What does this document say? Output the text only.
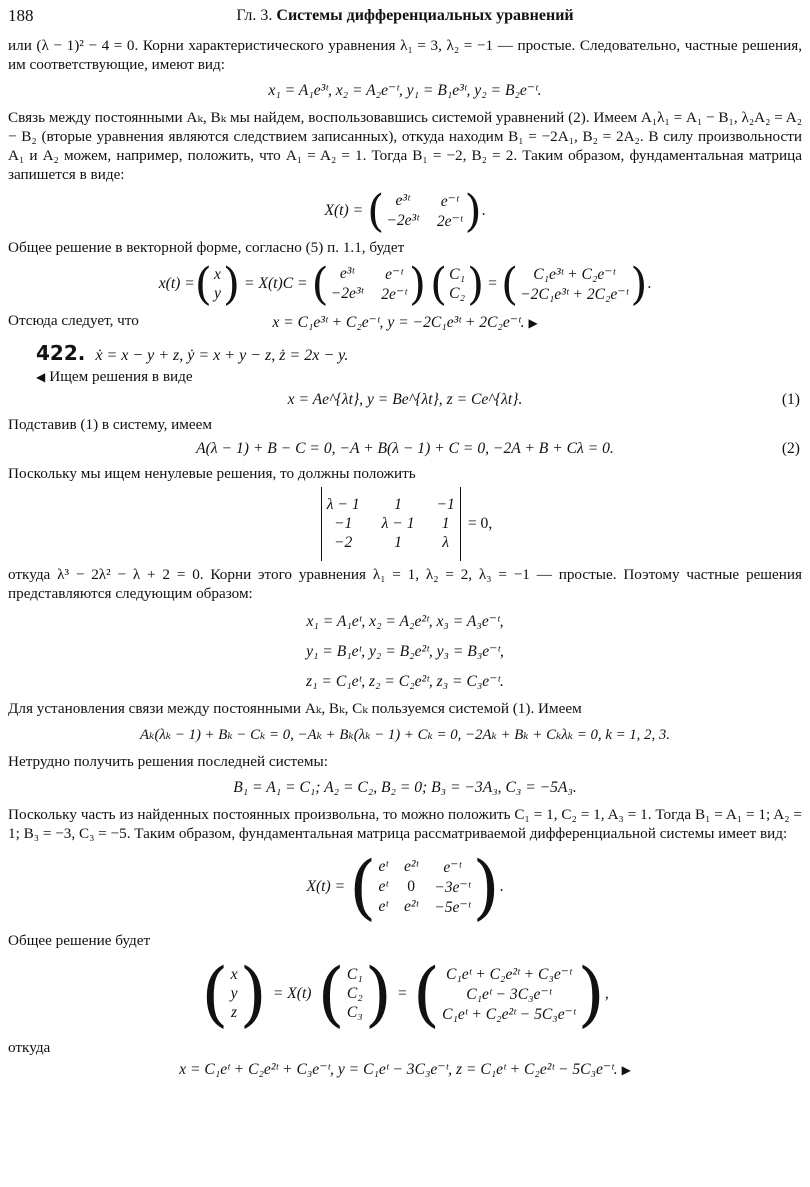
188	Гл. 3. Системы дифференциальных уравнений

или (λ − 1)² − 4 = 0. Корни характеристического уравнения λ₁ = 3, λ₂ = −1 — простые. Следовательно, частные решения, им соответствующие, имеют вид:

x₁ = A₁e³ᵗ, x₂ = A₂e⁻ᵗ, y₁ = B₁e³ᵗ, y₂ = B₂e⁻ᵗ.

Связь между постоянными Aₖ, Bₖ мы найдем, воспользовавшись системой уравнений (2). Имеем A₁λ₁ = A₁ − B₁, λ₂A₂ = A₂ − B₂ (вторые уравнения являются следствием записанных), откуда находим B₁ = −2A₁, B₂ = 2A₂. В силу произвольности A₁ и A₂ можем, например, положить, что A₁ = A₂ = 1. Тогда B₁ = −2, B₂ = 2. Таким образом, фундаментальная матрица запишется в виде:

X(t) = ( e³ᵗ	e⁻ᵗ
−2e³ᵗ 2e⁻ᵗ ) .

Общее решение в векторной форме, согласно (5) п. 1.1, будет

x(t) = ( x
y ) = X(t)C = ( e³ᵗ	e⁻ᵗ
−2e³ᵗ 2e⁻ᵗ ) ( C₁
C₂ ) = ( C₁e³ᵗ + C₂e⁻ᵗ
−2C₁e³ᵗ + 2C₂e⁻ᵗ ) .

Отсюда следует, что	x = C₁e³ᵗ + C₂e⁻ᵗ, y = −2C₁e³ᵗ + 2C₂e⁻ᵗ. ▶

422. ẋ = x − y + z, ẏ = x + y − z, ż = 2x − y.

◀ Ищем решения в виде

x = Ae^{λt}, y = Be^{λt}, z = Ce^{λt}.	(1)

Подставив (1) в систему, имеем

A(λ − 1) + B − C = 0, −A + B(λ − 1) + C = 0, −2A + B + Cλ = 0.	(2)

Поскольку мы ищем ненулевые решения, то должны положить

λ − 1	1	−1
−1	λ − 1	1
−2	1	λ
= 0,

откуда λ³ − 2λ² − λ + 2 = 0. Корни этого уравнения λ₁ = 1, λ₂ = 2, λ₃ = −1 — простые. Поэтому частные решения представляются следующим образом:

x₁ = A₁eᵗ, x₂ = A₂e²ᵗ, x₃ = A₃e⁻ᵗ,

y₁ = B₁eᵗ, y₂ = B₂e²ᵗ, y₃ = B₃e⁻ᵗ,

z₁ = C₁eᵗ, z₂ = C₂e²ᵗ, z₃ = C₃e⁻ᵗ.

Для установления связи между постоянными Aₖ, Bₖ, Cₖ пользуемся системой (1). Имеем

Aₖ(λₖ − 1) + Bₖ − Cₖ = 0, −Aₖ + Bₖ(λₖ − 1) + Cₖ = 0, −2Aₖ + Bₖ + Cₖλₖ = 0, k = 1, 2, 3.

Нетрудно получить решения последней системы:

B₁ = A₁ = C₁; A₂ = C₂, B₂ = 0; B₃ = −3A₃, C₃ = −5A₃.

Поскольку часть из найденных постоянных произвольна, то можно положить C₁ = 1, C₂ = 1, A₃ = 1. Тогда B₁ = A₁ = 1; A₂ = 1; B₃ = −3, C₃ = −5. Таким образом, фундаментальная матрица рассматриваемой дифференциальной системы имеет вид:

X(t) = ( eᵗ e²ᵗ	e⁻ᵗ
eᵗ 0 −3e⁻ᵗ
eᵗ e²ᵗ −5e⁻ᵗ ) .

Общее решение будет

( x
y
z ) = X(t) ( C₁
C₂
C₃ ) = ( C₁eᵗ + C₂e²ᵗ + C₃e⁻ᵗ
C₁eᵗ − 3C₃e⁻ᵗ
C₁eᵗ + C₂e²ᵗ − 5C₃e⁻ᵗ ) ,

откуда

x = C₁eᵗ + C₂e²ᵗ + C₃e⁻ᵗ, y = C₁eᵗ − 3C₃e⁻ᵗ, z = C₁eᵗ + C₂e²ᵗ − 5C₃e⁻ᵗ. ▶
